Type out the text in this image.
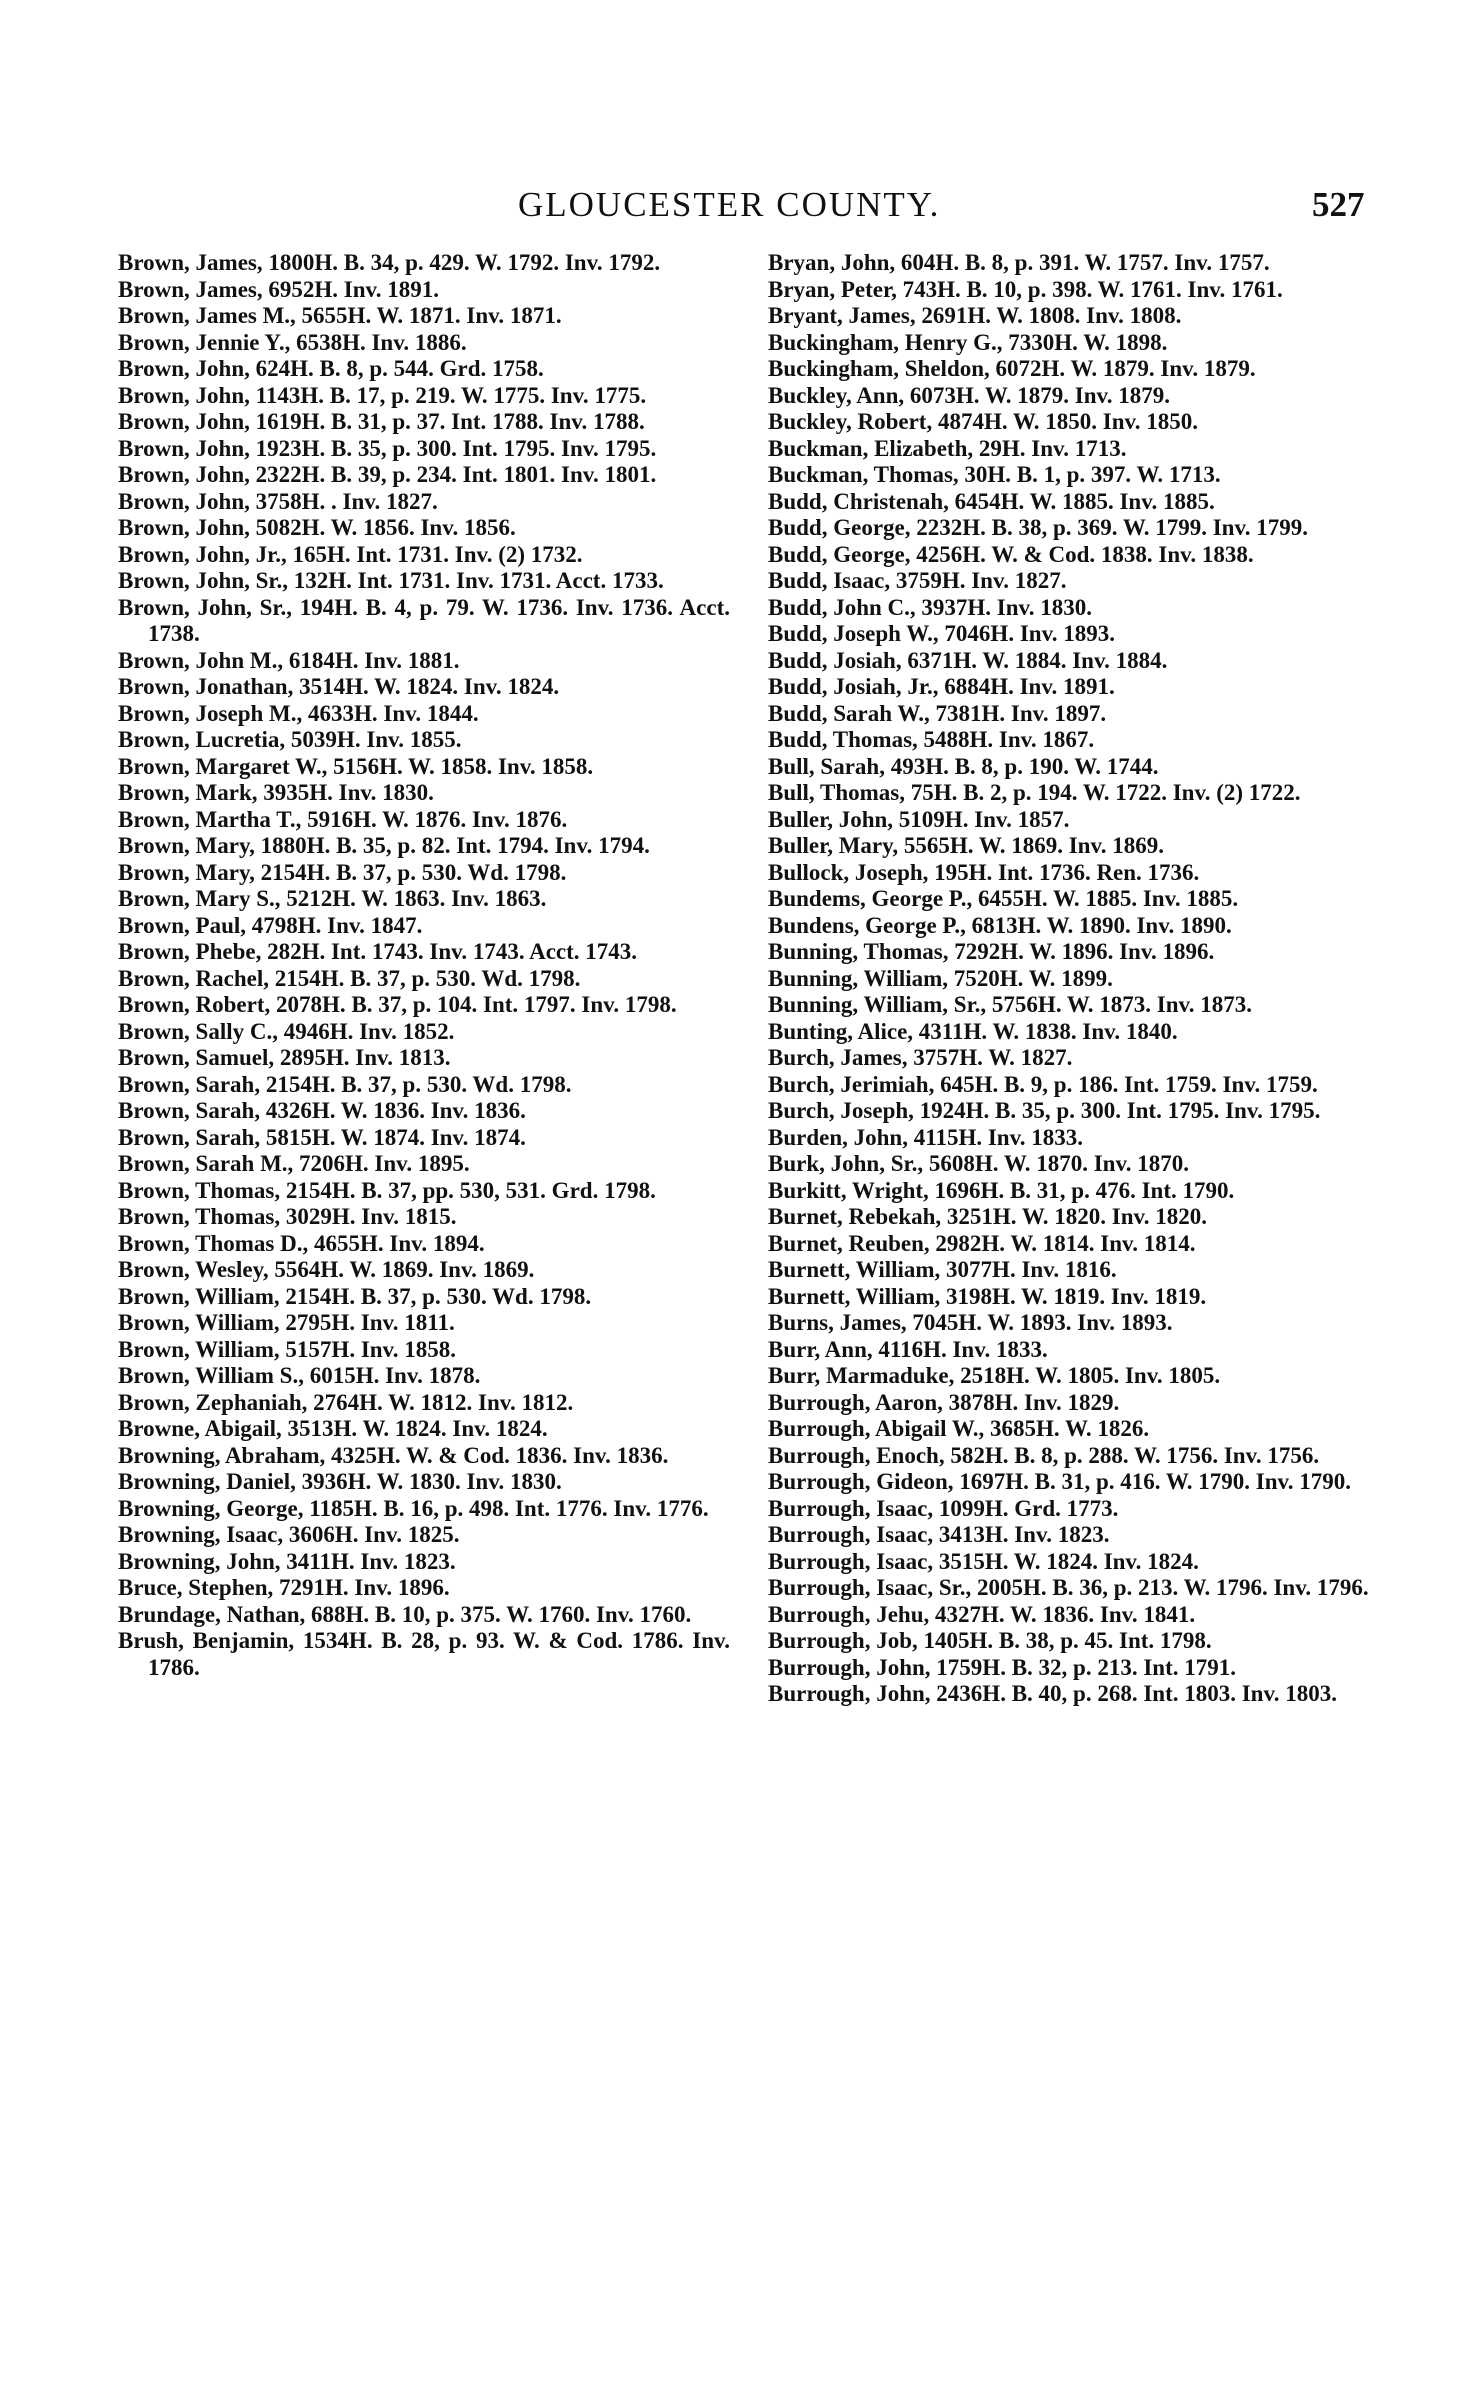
GLOUCESTER COUNTY.	527

Brown, James, 1800H. B. 34, p. 429. W. 1792. Inv. 1792.

Brown, James, 6952H. Inv. 1891.

Brown, James M., 5655H. W. 1871. Inv. 1871.

Brown, Jennie Y., 6538H. Inv. 1886.

Brown, John, 624H. B. 8, p. 544. Grd. 1758.

Brown, John, 1143H. B. 17, p. 219. W. 1775. Inv. 1775.

Brown, John, 1619H. B. 31, p. 37. Int. 1788. Inv. 1788.

Brown, John, 1923H. B. 35, p. 300. Int. 1795. Inv. 1795.

Brown, John, 2322H. B. 39, p. 234. Int. 1801. Inv. 1801.

Brown, John, 3758H. . Inv. 1827.

Brown, John, 5082H. W. 1856. Inv. 1856.

Brown, John, Jr., 165H. Int. 1731. Inv. (2) 1732.

Brown, John, Sr., 132H. Int. 1731. Inv. 1731. Acct. 1733.

Brown, John, Sr., 194H. B. 4, p. 79. W. 1736. Inv. 1736. Acct. 1738.

Brown, John M., 6184H. Inv. 1881.

Brown, Jonathan, 3514H. W. 1824. Inv. 1824.

Brown, Joseph M., 4633H. Inv. 1844.

Brown, Lucretia, 5039H. Inv. 1855.

Brown, Margaret W., 5156H. W. 1858. Inv. 1858.

Brown, Mark, 3935H. Inv. 1830.

Brown, Martha T., 5916H. W. 1876. Inv. 1876.

Brown, Mary, 1880H. B. 35, p. 82. Int. 1794. Inv. 1794.

Brown, Mary, 2154H. B. 37, p. 530. Wd. 1798.

Brown, Mary S., 5212H. W. 1863. Inv. 1863.

Brown, Paul, 4798H. Inv. 1847.

Brown, Phebe, 282H. Int. 1743. Inv. 1743. Acct. 1743.

Brown, Rachel, 2154H. B. 37, p. 530. Wd. 1798.

Brown, Robert, 2078H. B. 37, p. 104. Int. 1797. Inv. 1798.

Brown, Sally C., 4946H. Inv. 1852.

Brown, Samuel, 2895H. Inv. 1813.

Brown, Sarah, 2154H. B. 37, p. 530. Wd. 1798.

Brown, Sarah, 4326H. W. 1836. Inv. 1836.

Brown, Sarah, 5815H. W. 1874. Inv. 1874.

Brown, Sarah M., 7206H. Inv. 1895.

Brown, Thomas, 2154H. B. 37, pp. 530, 531. Grd. 1798.

Brown, Thomas, 3029H. Inv. 1815.

Brown, Thomas D., 4655H. Inv. 1894.

Brown, Wesley, 5564H. W. 1869. Inv. 1869.

Brown, William, 2154H. B. 37, p. 530. Wd. 1798.

Brown, William, 2795H. Inv. 1811.

Brown, William, 5157H. Inv. 1858.

Brown, William S., 6015H. Inv. 1878.

Brown, Zephaniah, 2764H. W. 1812. Inv. 1812.

Browne, Abigail, 3513H. W. 1824. Inv. 1824.

Browning, Abraham, 4325H. W. & Cod. 1836. Inv. 1836.

Browning, Daniel, 3936H. W. 1830. Inv. 1830.

Browning, George, 1185H. B. 16, p. 498. Int. 1776. Inv. 1776.

Browning, Isaac, 3606H. Inv. 1825.

Browning, John, 3411H. Inv. 1823.

Bruce, Stephen, 7291H. Inv. 1896.

Brundage, Nathan, 688H. B. 10, p. 375. W. 1760. Inv. 1760.

Brush, Benjamin, 1534H. B. 28, p. 93. W. & Cod. 1786. Inv. 1786.

Bryan, John, 604H. B. 8, p. 391. W. 1757. Inv. 1757.

Bryan, Peter, 743H. B. 10, p. 398. W. 1761. Inv. 1761.

Bryant, James, 2691H. W. 1808. Inv. 1808.

Buckingham, Henry G., 7330H. W. 1898.

Buckingham, Sheldon, 6072H. W. 1879. Inv. 1879.

Buckley, Ann, 6073H. W. 1879. Inv. 1879.

Buckley, Robert, 4874H. W. 1850. Inv. 1850.

Buckman, Elizabeth, 29H. Inv. 1713.

Buckman, Thomas, 30H. B. 1, p. 397. W. 1713.

Budd, Christenah, 6454H. W. 1885. Inv. 1885.

Budd, George, 2232H. B. 38, p. 369. W. 1799. Inv. 1799.

Budd, George, 4256H. W. & Cod. 1838. Inv. 1838.

Budd, Isaac, 3759H. Inv. 1827.

Budd, John C., 3937H. Inv. 1830.

Budd, Joseph W., 7046H. Inv. 1893.

Budd, Josiah, 6371H. W. 1884. Inv. 1884.

Budd, Josiah, Jr., 6884H. Inv. 1891.

Budd, Sarah W., 7381H. Inv. 1897.

Budd, Thomas, 5488H. Inv. 1867.

Bull, Sarah, 493H. B. 8, p. 190. W. 1744.

Bull, Thomas, 75H. B. 2, p. 194. W. 1722. Inv. (2) 1722.

Buller, John, 5109H. Inv. 1857.

Buller, Mary, 5565H. W. 1869. Inv. 1869.

Bullock, Joseph, 195H. Int. 1736. Ren. 1736.

Bundems, George P., 6455H. W. 1885. Inv. 1885.

Bundens, George P., 6813H. W. 1890. Inv. 1890.

Bunning, Thomas, 7292H. W. 1896. Inv. 1896.

Bunning, William, 7520H. W. 1899.

Bunning, William, Sr., 5756H. W. 1873. Inv. 1873.

Bunting, Alice, 4311H. W. 1838. Inv. 1840.

Burch, James, 3757H. W. 1827.

Burch, Jerimiah, 645H. B. 9, p. 186. Int. 1759. Inv. 1759.

Burch, Joseph, 1924H. B. 35, p. 300. Int. 1795. Inv. 1795.

Burden, John, 4115H. Inv. 1833.

Burk, John, Sr., 5608H. W. 1870. Inv. 1870.

Burkitt, Wright, 1696H. B. 31, p. 476. Int. 1790.

Burnet, Rebekah, 3251H. W. 1820. Inv. 1820.

Burnet, Reuben, 2982H. W. 1814. Inv. 1814.

Burnett, William, 3077H. Inv. 1816.

Burnett, William, 3198H. W. 1819. Inv. 1819.

Burns, James, 7045H. W. 1893. Inv. 1893.

Burr, Ann, 4116H. Inv. 1833.

Burr, Marmaduke, 2518H. W. 1805. Inv. 1805.

Burrough, Aaron, 3878H. Inv. 1829.

Burrough, Abigail W., 3685H. W. 1826.

Burrough, Enoch, 582H. B. 8, p. 288. W. 1756. Inv. 1756.

Burrough, Gideon, 1697H. B. 31, p. 416. W. 1790. Inv. 1790.

Burrough, Isaac, 1099H. Grd. 1773.

Burrough, Isaac, 3413H. Inv. 1823.

Burrough, Isaac, 3515H. W. 1824. Inv. 1824.

Burrough, Isaac, Sr., 2005H. B. 36, p. 213. W. 1796. Inv. 1796.

Burrough, Jehu, 4327H. W. 1836. Inv. 1841.

Burrough, Job, 1405H. B. 38, p. 45. Int. 1798.

Burrough, John, 1759H. B. 32, p. 213. Int. 1791.

Burrough, John, 2436H. B. 40, p. 268. Int. 1803. Inv. 1803.
